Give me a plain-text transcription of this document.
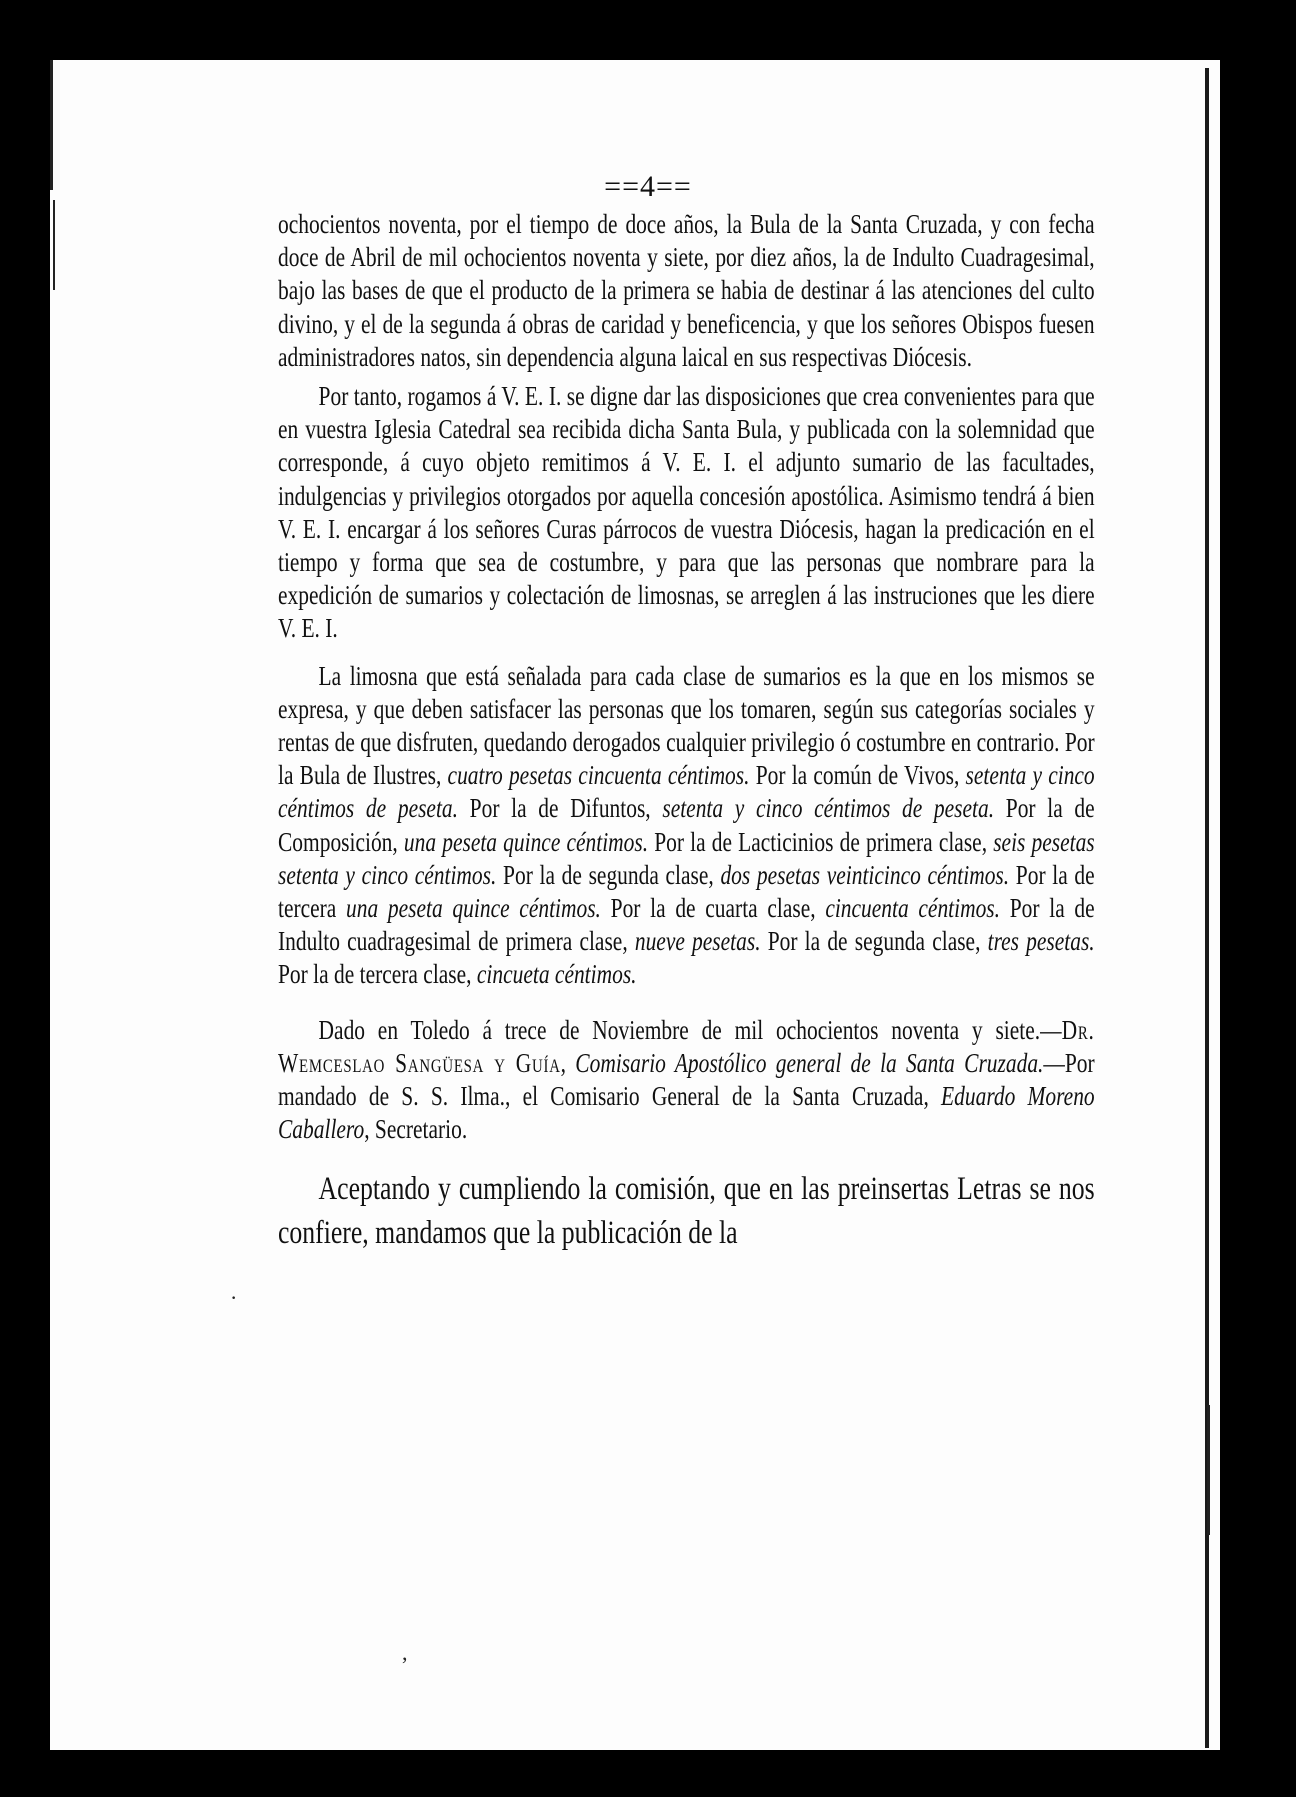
==4==

ochocientos noventa, por el tiempo de doce años, la Bula de la Santa Cruzada, y con fecha doce de Abril de mil ochocientos noventa y siete, por diez años, la de Indulto Cuadragesimal, bajo las bases de que el producto de la primera se habia de destinar á las atenciones del culto divino, y el de la segunda á obras de caridad y beneficencia, y que los señores Obispos fuesen administradores natos, sin dependencia alguna laical en sus respectivas Diócesis.

Por tanto, rogamos á V. E. I. se digne dar las disposiciones que crea convenientes para que en vuestra Iglesia Catedral sea recibida dicha Santa Bula, y publicada con la solemnidad que corresponde, á cuyo objeto remitimos á V. E. I. el adjunto sumario de las facultades, indulgencias y privilegios otorgados por aquella concesión apostólica. Asimismo tendrá á bien V. E. I. encargar á los señores Curas párrocos de vuestra Diócesis, hagan la predicación en el tiempo y forma que sea de costumbre, y para que las personas que nombrare para la expedición de sumarios y colectación de limosnas, se arreglen á las instruciones que les diere V. E. I.

La limosna que está señalada para cada clase de sumarios es la que en los mismos se expresa, y que deben satisfacer las personas que los tomaren, según sus categorías sociales y rentas de que disfruten, quedando derogados cualquier privilegio ó costumbre en contrario. Por la Bula de Ilustres, cuatro pesetas cincuenta céntimos. Por la común de Vivos, setenta y cinco céntimos de peseta. Por la de Difuntos, setenta y cinco céntimos de peseta. Por la de Composición, una peseta quince céntimos. Por la de Lacticinios de primera clase, seis pesetas setenta y cinco céntimos. Por la de segunda clase, dos pesetas veinticinco céntimos. Por la de tercera una peseta quince céntimos. Por la de cuarta clase, cincuenta céntimos. Por la de Indulto cuadragesimal de primera clase, nueve pesetas. Por la de segunda clase, tres pesetas. Por la de tercera clase, cincueta céntimos.

Dado en Toledo á trece de Noviembre de mil ochocientos noventa y siete.—Dr. Wemceslao Sangüesa y Guía, Comisario Apostólico general de la Santa Cruzada.—Por mandado de S. S. Ilma., el Comisario General de la Santa Cruzada, Eduardo Moreno Caballero, Secretario.

Aceptando y cumpliendo la comisión, que en las preinsertas Letras se nos confiere, mandamos que la publicación de la

·
,
